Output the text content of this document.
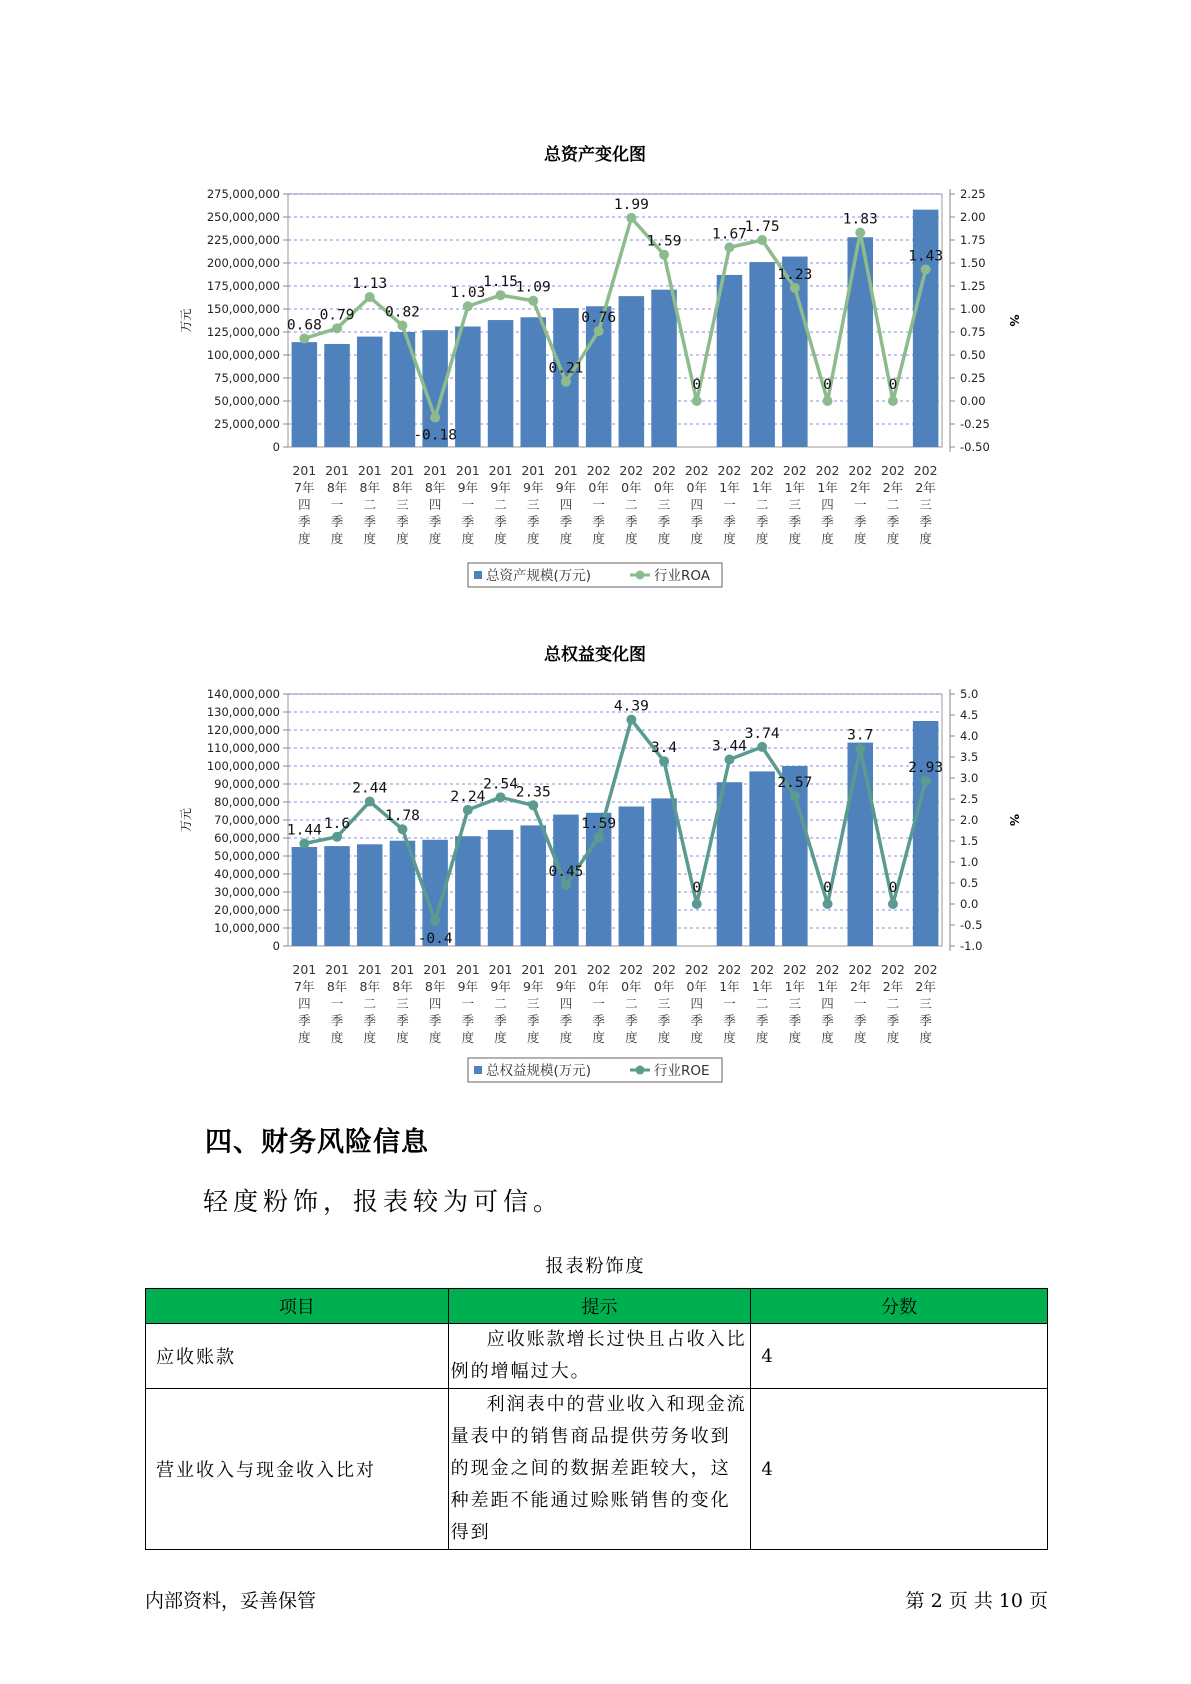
总资产变化图
0
25,000,000
50,000,000
75,000,000
100,000,000
125,000,000
150,000,000
175,000,000
200,000,000
225,000,000
250,000,000
275,000,000
-0.50
-0.25
0.00
0.25
0.50
0.75
1.00
1.25
1.50
1.75
2.00
2.25
万元	%
201
7年
四
季
度
201
8年
一
季
度
201
8年
二
季
度
201
8年
三
季
度
201
8年
四
季
度
201
9年
一
季
度
201
9年
二
季
度
201
9年
三
季
度
201
9年
四
季
度
202
0年
一
季
度
202
0年
二
季
度
202
0年
三
季
度
202
0年
四
季
度
202
1年
一
季
度
202
1年
二
季
度
202
1年
三
季
度
202
1年
四
季
度
202
2年
一
季
度
202
2年
二
季
度
202
2年
三
季
度
0.68
0.79
1.13
0.82
-0.18
1.03
1.15
1.09
0.21
0.76
1.99
1.59
0
1.67
1.75
1.23
0
1.83
0
1.43
总资产规模(万元)	行业ROA
总权益变化图
0
10,000,000
20,000,000
30,000,000
40,000,000
50,000,000
60,000,000
70,000,000
80,000,000
90,000,000
100,000,000
110,000,000
120,000,000
130,000,000
140,000,000
-1.0
-0.5
0.0
0.5
1.0
1.5
2.0
2.5
3.0
3.5
4.0
4.5
5.0
万元	%
201
7年
四
季
度
201
8年
一
季
度
201
8年
二
季
度
201
8年
三
季
度
201
8年
四
季
度
201
9年
一
季
度
201
9年
二
季
度
201
9年
三
季
度
201
9年
四
季
度
202
0年
一
季
度
202
0年
二
季
度
202
0年
三
季
度
202
0年
四
季
度
202
1年
一
季
度
202
1年
二
季
度
202
1年
三
季
度
202
1年
四
季
度
202
2年
一
季
度
202
2年
二
季
度
202
2年
三
季
度
1.44 1.6
2.44
1.78
-0.4
2.24
2.54
2.35
0.45
1.59
4.39
3.4
0
3.44
3.74
2.57
0
3.7
0
2.93
总权益规模(万元)	行业ROE
四、财务风险信息
轻度粉饰，报表较为可信。
报表粉饰度
项目	提示	分数
应收账款	应收账款增长过快且占收入比例的增幅过大。	4
营业收入与现金收入比对	利润表中的营业收入和现金流量表中的销售商品提供劳务收到的现金之间的数据差距较大，这种差距不能通过赊账销售的变化得到	4
内部资料，妥善保管	第 2 页 共 10 页
